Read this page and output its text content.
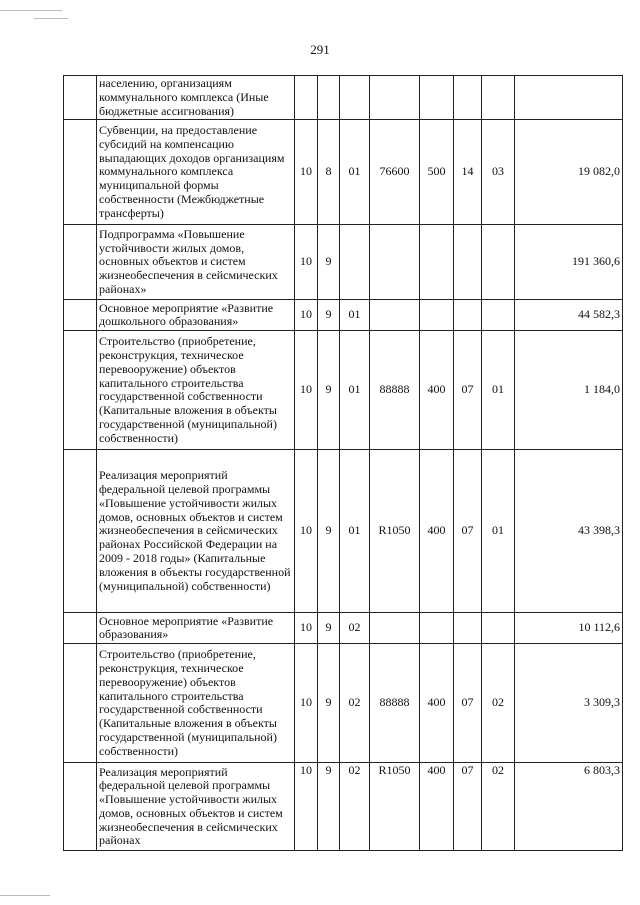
291
	населению, организациям коммунального комплекса (Иные бюджетные ассигнования)								
	Субвенции, на предоставление субсидий на компенсацию выпадающих доходов организациям коммунального комплекса муниципальной формы собственности (Межбюджетные трансферты)	10	8	01	76600	500	14	03	19 082,0
	Подпрограмма «Повышение устойчивости жилых домов, основных объектов и систем жизнеобеспечения в сейсмических районах»	10	9						191 360,6
	Основное мероприятие «Развитие дошкольного образования»	10	9	01					44 582,3
	Строительство (приобретение, реконструкция, техническое перевооружение) объектов капитального строительства государственной собственности (Капитальные вложения в объекты государственной (муниципальной) собственности)	10	9	01	88888	400	07	01	1 184,0
	Реализация мероприятий федеральной целевой программы «Повышение устойчивости жилых домов, основных объектов и систем жизнеобеспечения в сейсмических районах Российской Федерации на 2009 - 2018 годы» (Капитальные вложения в объекты государственной (муниципальной) собственности)	10	9	01	R1050	400	07	01	43 398,3
	Основное мероприятие «Развитие образования»	10	9	02					10 112,6
	Строительство (приобретение, реконструкция, техническое перевооружение) объектов капитального строительства государственной собственности (Капитальные вложения в объекты государственной (муниципальной) собственности)	10	9	02	88888	400	07	02	3 309,3
	Реализация мероприятий федеральной целевой программы «Повышение устойчивости жилых домов, основных объектов и систем жизнеобеспечения в сейсмических районах	10	9	02	R1050	400	07	02	6 803,3
